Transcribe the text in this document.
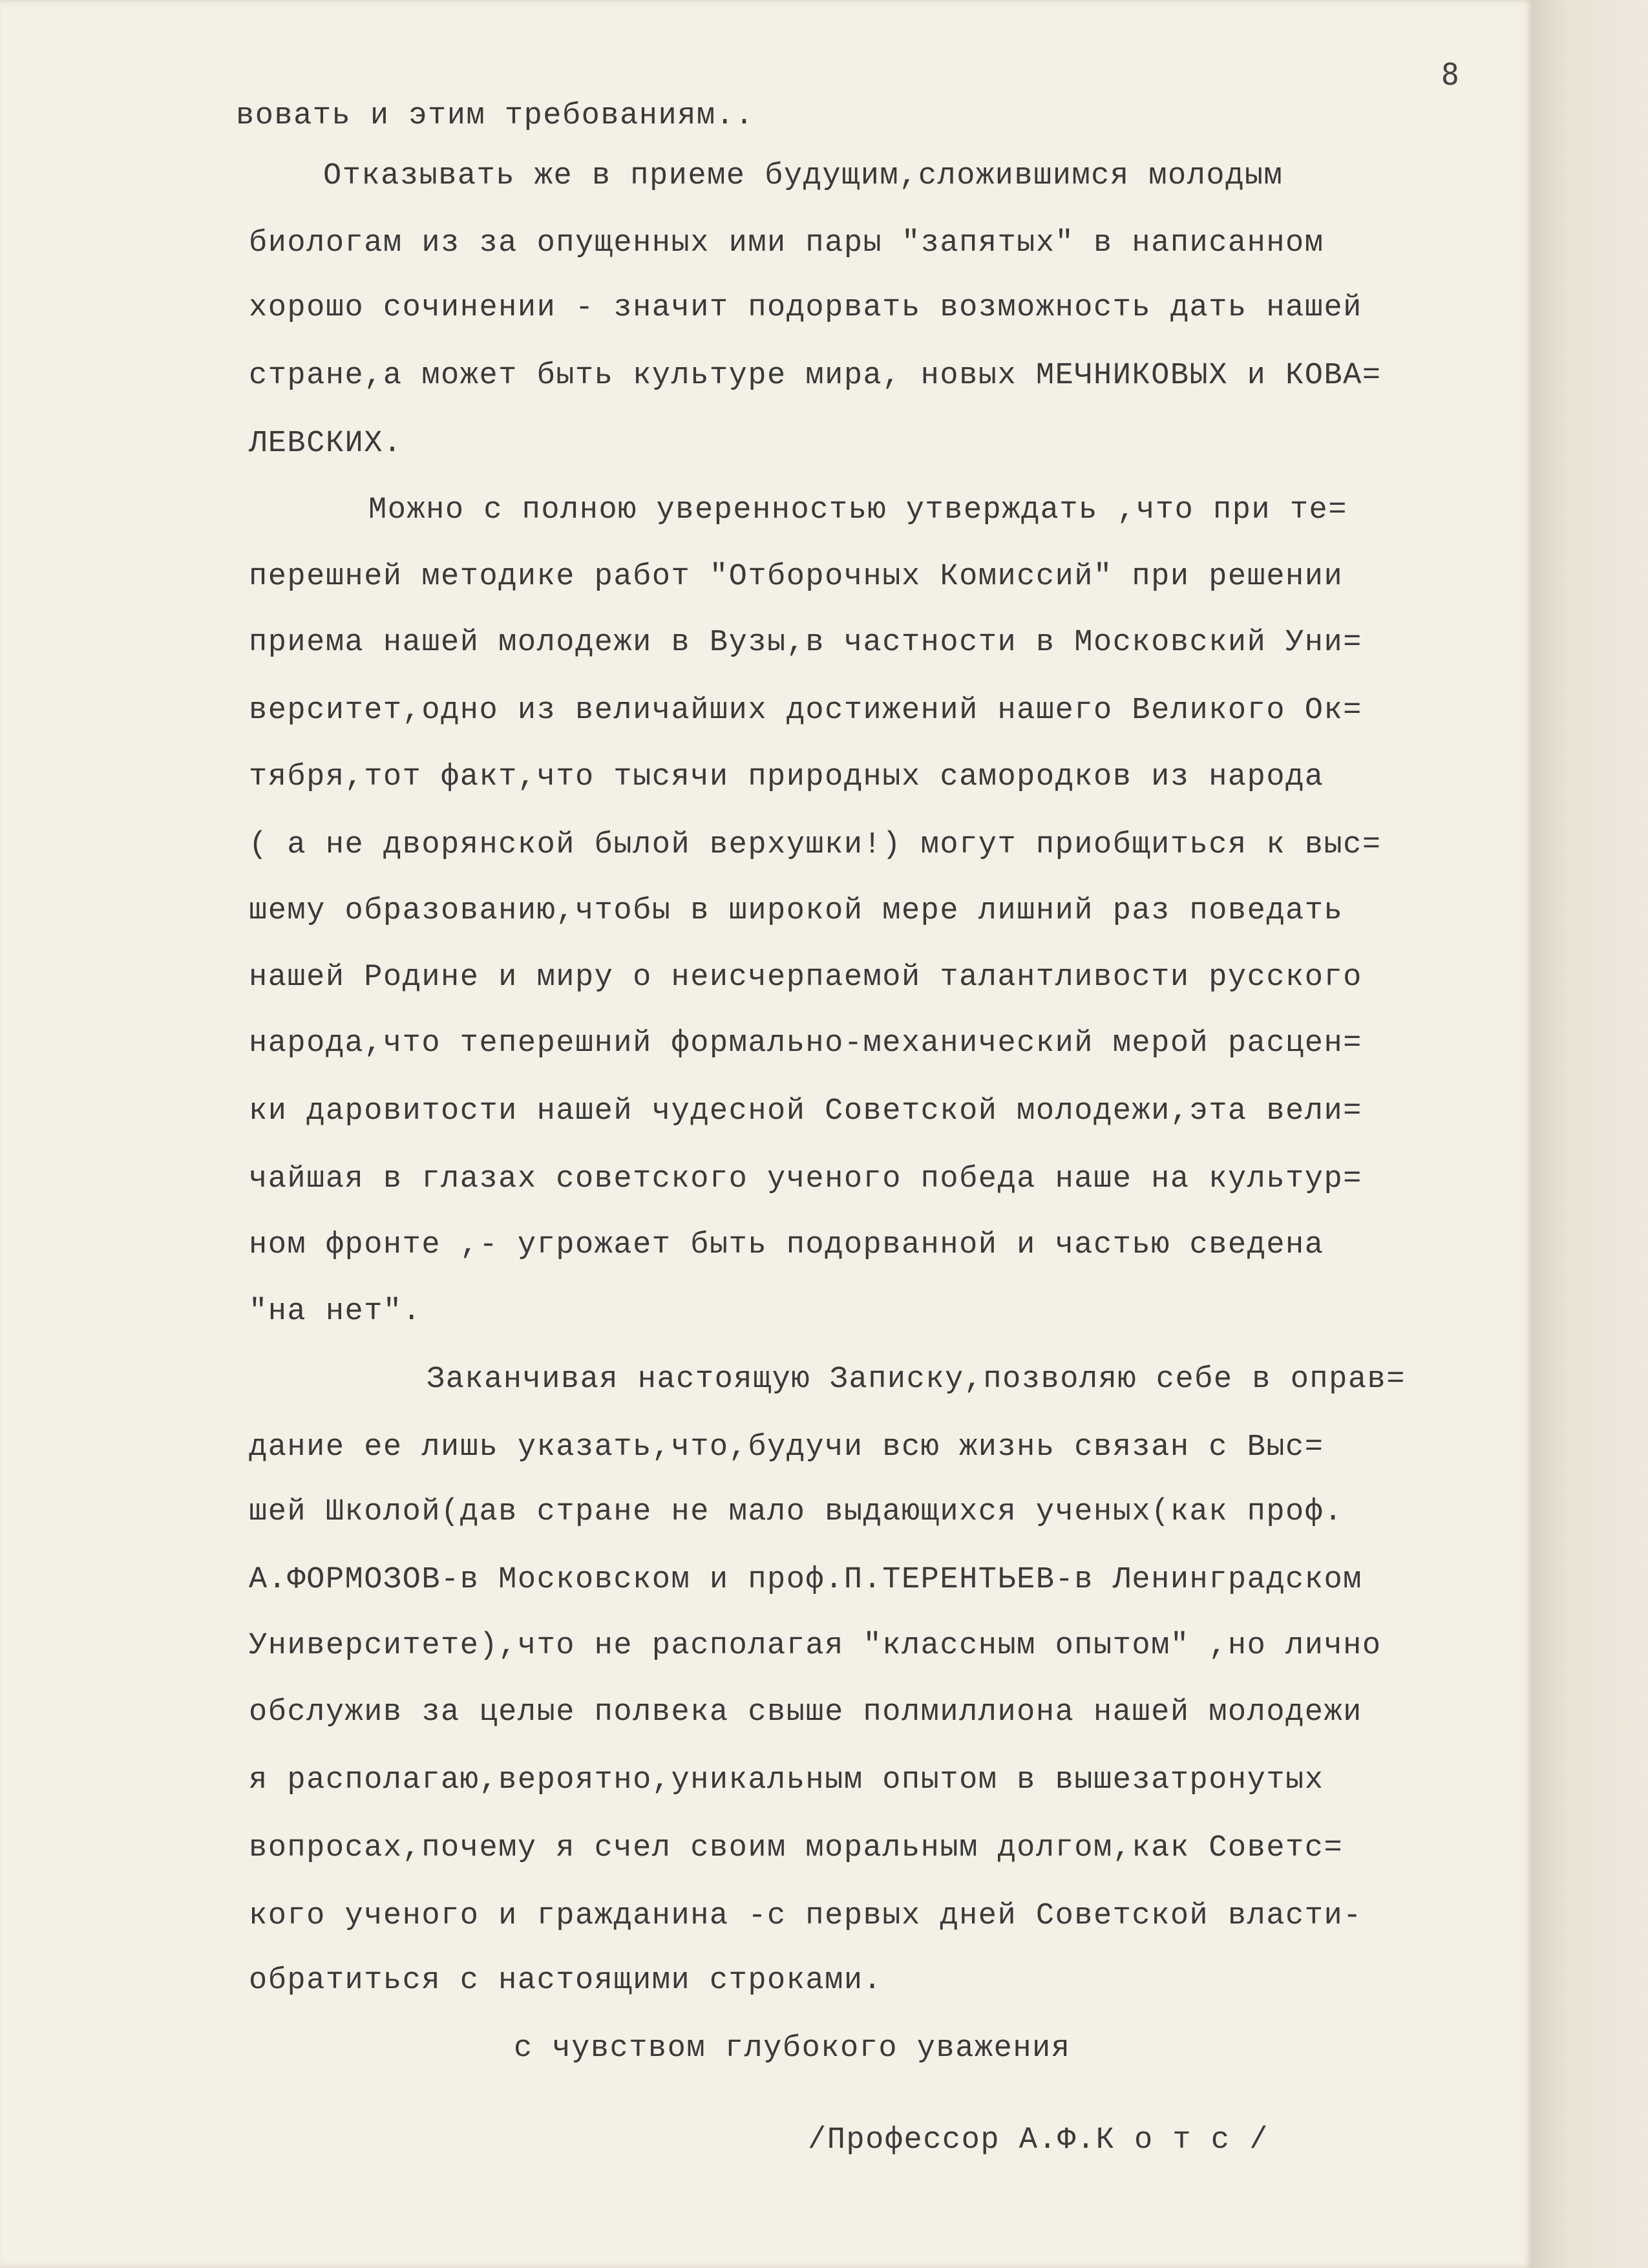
8

вовать и этим требованиям..

Отказывать же в приеме будущим,сложившимся молодым

биологам из за опущенных ими пары "запятых" в написанном

хорошо сочинении - значит подорвать возможность дать нашей

стране,а может быть культуре мира, новых МЕЧНИКОВЫХ и КОВА=

ЛЕВСКИХ.

Можно с полною уверенностью утверждать ,что при те=

перешней методике работ "Отборочных Комиссий" при решении

приема нашей молодежи в Вузы,в частности в Московский Уни=

верситет,одно из величайших достижений нашего Великого Ок=

тября,тот факт,что тысячи природных самородков из народа

( а не дворянской былой верхушки!) могут приобщиться к выс=

шему образованию,чтобы в широкой мере лишний раз поведать

нашей Родине и миру о неисчерпаемой талантливости русского

народа,что теперешний формально-механический мерой расцен=

ки даровитости нашей чудесной Советской молодежи,эта вели=

чайшая в глазах советского ученого победа наше на культур=

ном фронте ,- угрожает быть подорванной и частью сведена

"на нет".

Заканчивая настоящую Записку,позволяю себе в оправ=

дание ее лишь указать,что,будучи всю жизнь связан с Выс=

шей Школой(дав стране не мало выдающихся ученых(как проф.

А.ФОРМОЗОВ-в Московском и проф.П.ТЕРЕНТЬЕВ-в Ленинградском

Университете),что не располагая "классным опытом" ,но лично

обслужив за целые полвека свыше полмиллиона нашей молодежи

я располагаю,вероятно,уникальным опытом в вышезатронутых

вопросах,почему я счел своим моральным долгом,как Советс=

кого ученого и гражданина -с первых дней Советской власти-

обратиться с настоящими строками.

с чувством глубокого уважения

/Профессор А.Ф.К о т с /
